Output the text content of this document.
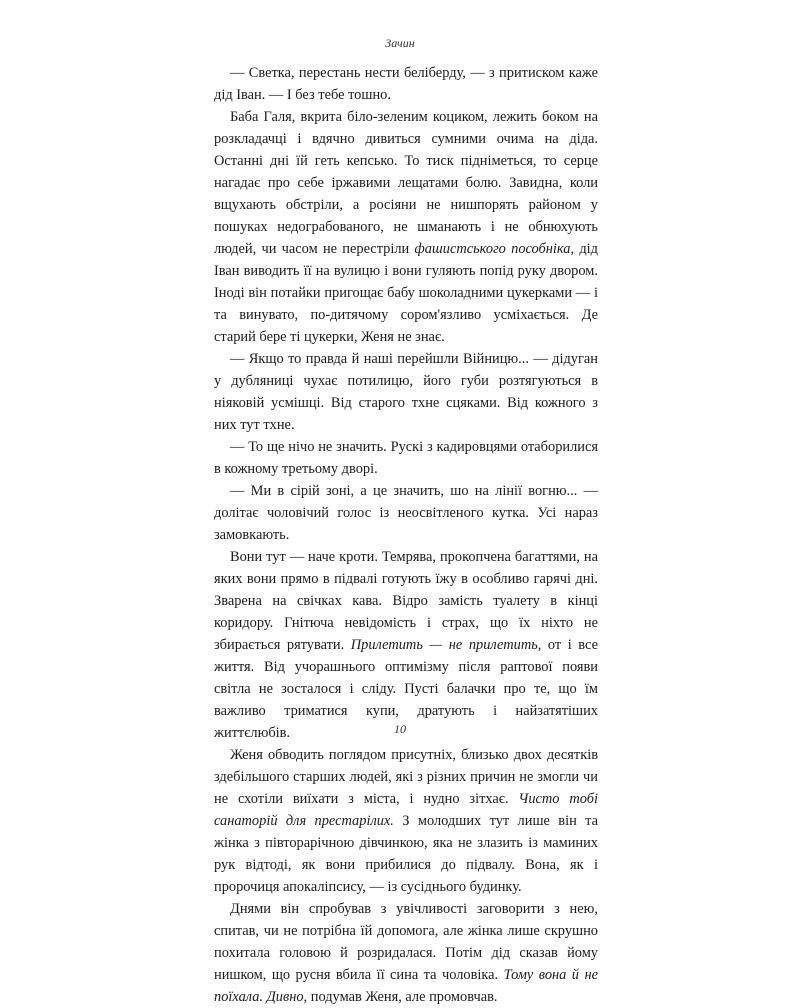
Зачин

— Светка, перестань нести беліберду, — з притиском каже дід Іван. — І без тебе тошно.

Баба Галя, вкрита біло-зеленим коциком, лежить боком на розкладачці і вдячно дивиться сумними очима на діда. Останні дні їй геть кепсько. То тиск підніметься, то серце нагадає про себе іржавими лещатами болю. Завидна, коли вщухають обстріли, а росіяни не нишпорять районом у пошуках недограбованого, не шманають і не обнюхують людей, чи часом не перестріли фашистського пособніка, дід Іван виводить її на вулицю і вони гуляють попід руку двором. Іноді він потайки пригощає бабу шоколадними цукерками — і та винувато, по-дитячому сором'язливо усміхається. Де старий бере ті цукерки, Женя не знає.

— Якщо то правда й наші перейшли Війницю... — дідуган у дубляниці чухає потилицю, його губи розтягуються в ніяковій усмішці. Від старого тхне сцяками. Від кожного з них тут тхне.

— То ще нічо не значить. Рускі з кадировцями отаборилися в кожному третьому дворі.

— Ми в сірій зоні, а це значить, шо на лінії вогню... — долітає чоловічий голос із неосвітленого кутка. Усі нараз замовкають.

Вони тут — наче кроти. Темрява, прокопчена багаттями, на яких вони прямо в підвалі готують їжу в особливо гарячі дні. Зварена на свічках кава. Відро замість туалету в кінці коридору. Гнітюча невідомість і страх, що їх ніхто не збирається рятувати. Прилетить — не прилетить, от і все життя. Від учорашнього оптимізму після раптової появи світла не зосталося і сліду. Пусті балачки про те, що їм важливо триматися купи, дратують і найзатятіших життєлюбів.

Женя обводить поглядом присутніх, близько двох десятків здебільшого старших людей, які з різних причин не змогли чи не схотіли виїхати з міста, і нудно зітхає. Чисто тобі санаторій для престарілих. З молодших тут лише він та жінка з півторарічною дівчинкою, яка не злазить із маминих рук відтоді, як вони прибилися до підвалу. Вона, як і пророчиця апокаліпсису, — із сусіднього будинку.

Днями він спробував з увічливості заговорити з нею, спитав, чи не потрібна їй допомога, але жінка лише скрушно похитала головою й розридалася. Потім дід сказав йому нишком, що русня вбила її сина та чоловіка. Тому вона й не поїхала. Дивно, подумав Женя, але промовчав.

10
